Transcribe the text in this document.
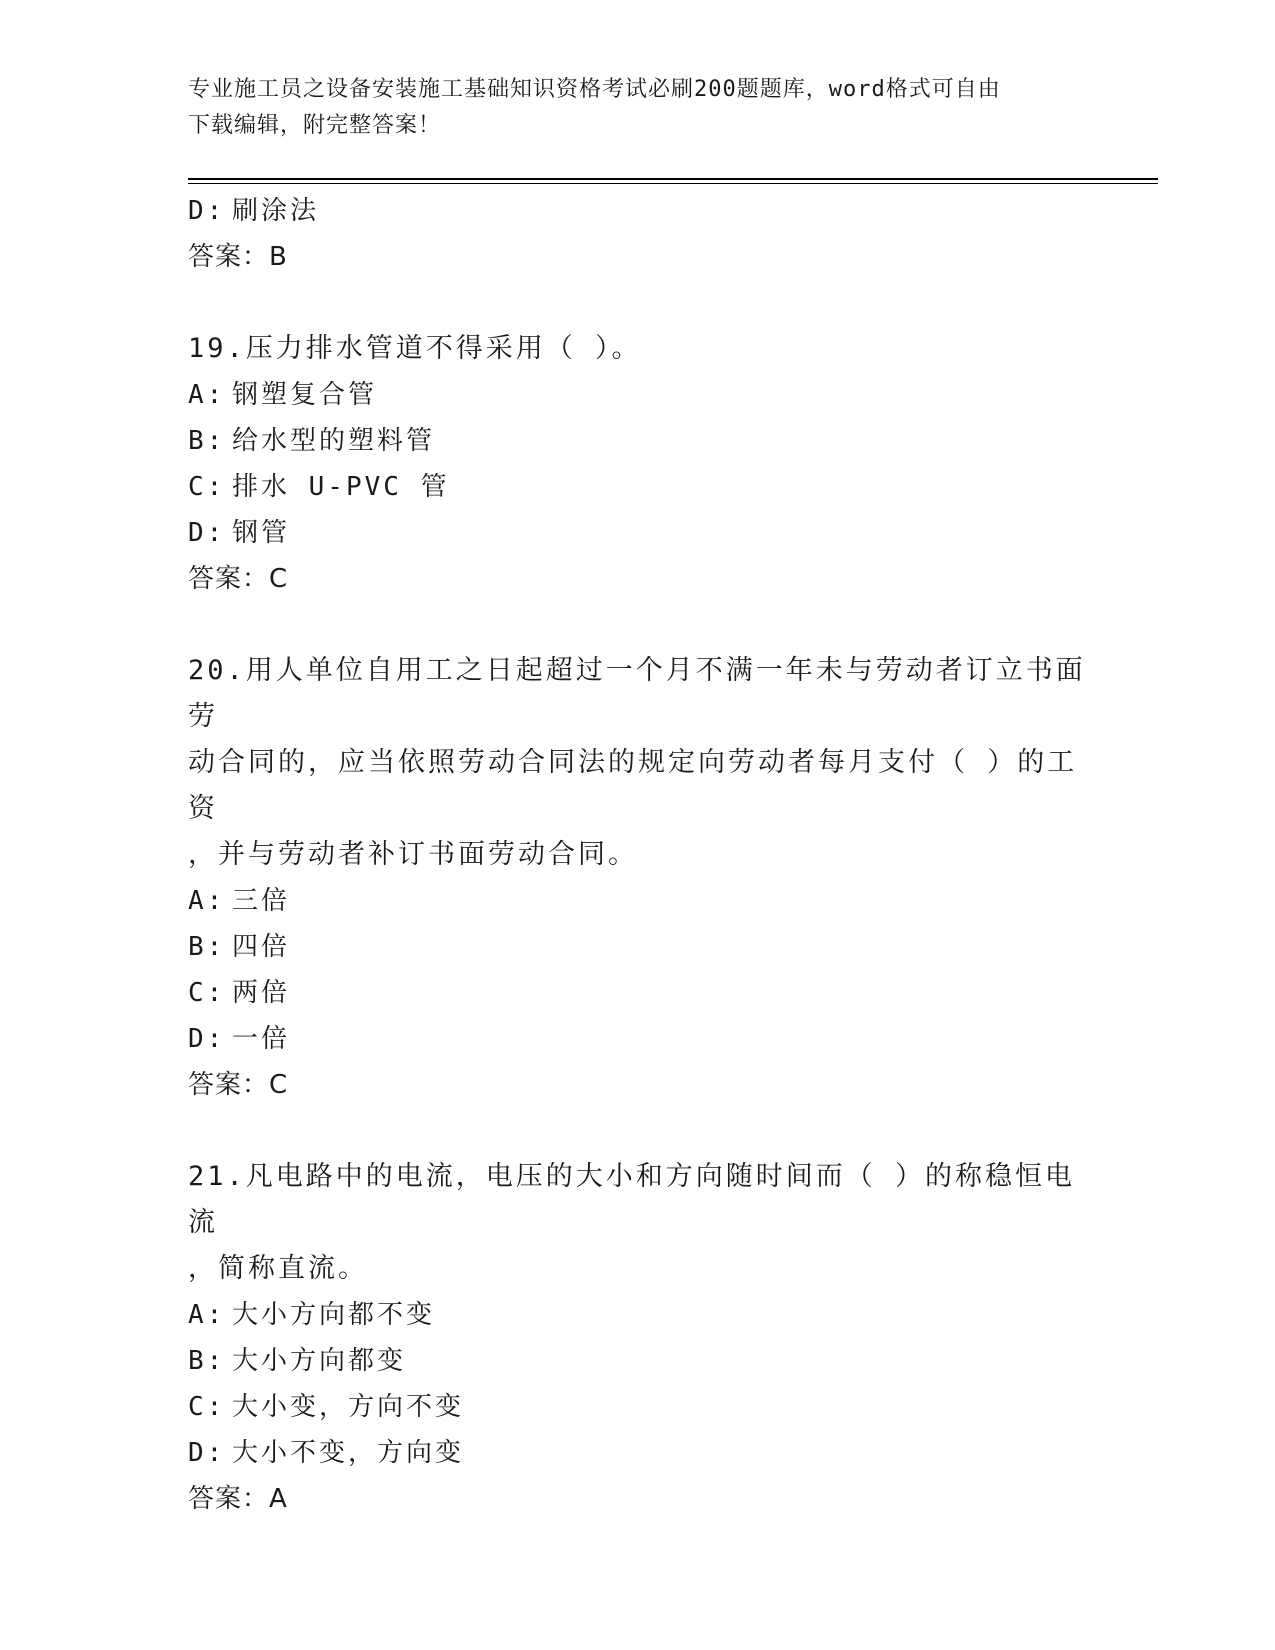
专业施工员之设备安装施工基础知识资格考试必刷200题题库，word格式可自由
下载编辑，附完整答案！
D: 刷涂法
答案：B
19.压力排水管道不得采用（ ）。
A: 钢塑复合管
B: 给水型的塑料管
C: 排水 U-PVC 管
D: 钢管
答案：C
20.用人单位自用工之日起超过一个月不满一年未与劳动者订立书面劳
动合同的，应当依照劳动合同法的规定向劳动者每月支付（ ）的工资
，并与劳动者补订书面劳动合同。
A: 三倍
B: 四倍
C: 两倍
D: 一倍
答案：C
21.凡电路中的电流，电压的大小和方向随时间而（ ）的称稳恒电流
，简称直流。
A: 大小方向都不变
B: 大小方向都变
C: 大小变，方向不变
D: 大小不变，方向变
答案：A
